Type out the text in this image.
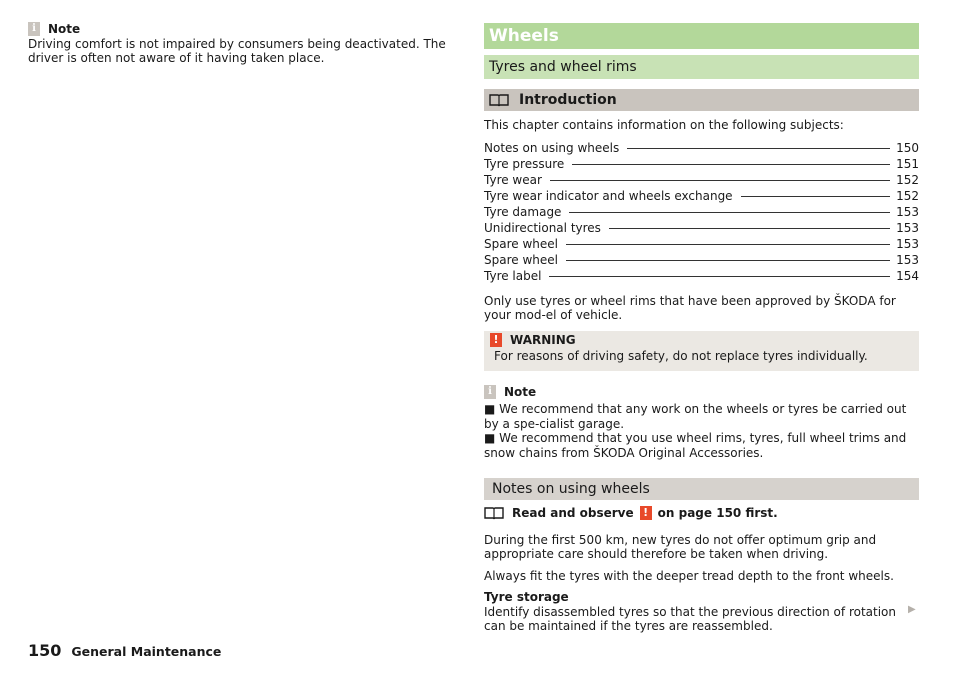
i	Note

Driving comfort is not impaired by consumers being deactivated. The driver is often not aware of it having taken place.

Wheels
Tyres and wheel rims
Introduction

This chapter contains information on the following subjects:

Notes on using wheels	150
Tyre pressure	151
Tyre wear	152
Tyre wear indicator and wheels exchange	152
Tyre damage	153
Unidirectional tyres	153
Spare wheel	153
Spare wheel	153
Tyre label	154

Only use tyres or wheel rims that have been approved by ŠKODA for your mod-el of vehicle.

! WARNING

For reasons of driving safety, do not replace tyres individually.

i	Note

■ We recommend that any work on the wheels or tyres be carried out by a spe-cialist garage.

■ We recommend that you use wheel rims, tyres, full wheel trims and snow chains from ŠKODA Original Accessories.

Notes on using wheels
Read and observe ! on page 150 first.

During the first 500 km, new tyres do not offer optimum grip and appropriate care should therefore be taken when driving.

Always fit the tyres with the deeper tread depth to the front wheels.

Tyre storage

Identify disassembled tyres so that the previous direction of rotation can be maintained if the tyres are reassembled.

▶
150 General Maintenance
